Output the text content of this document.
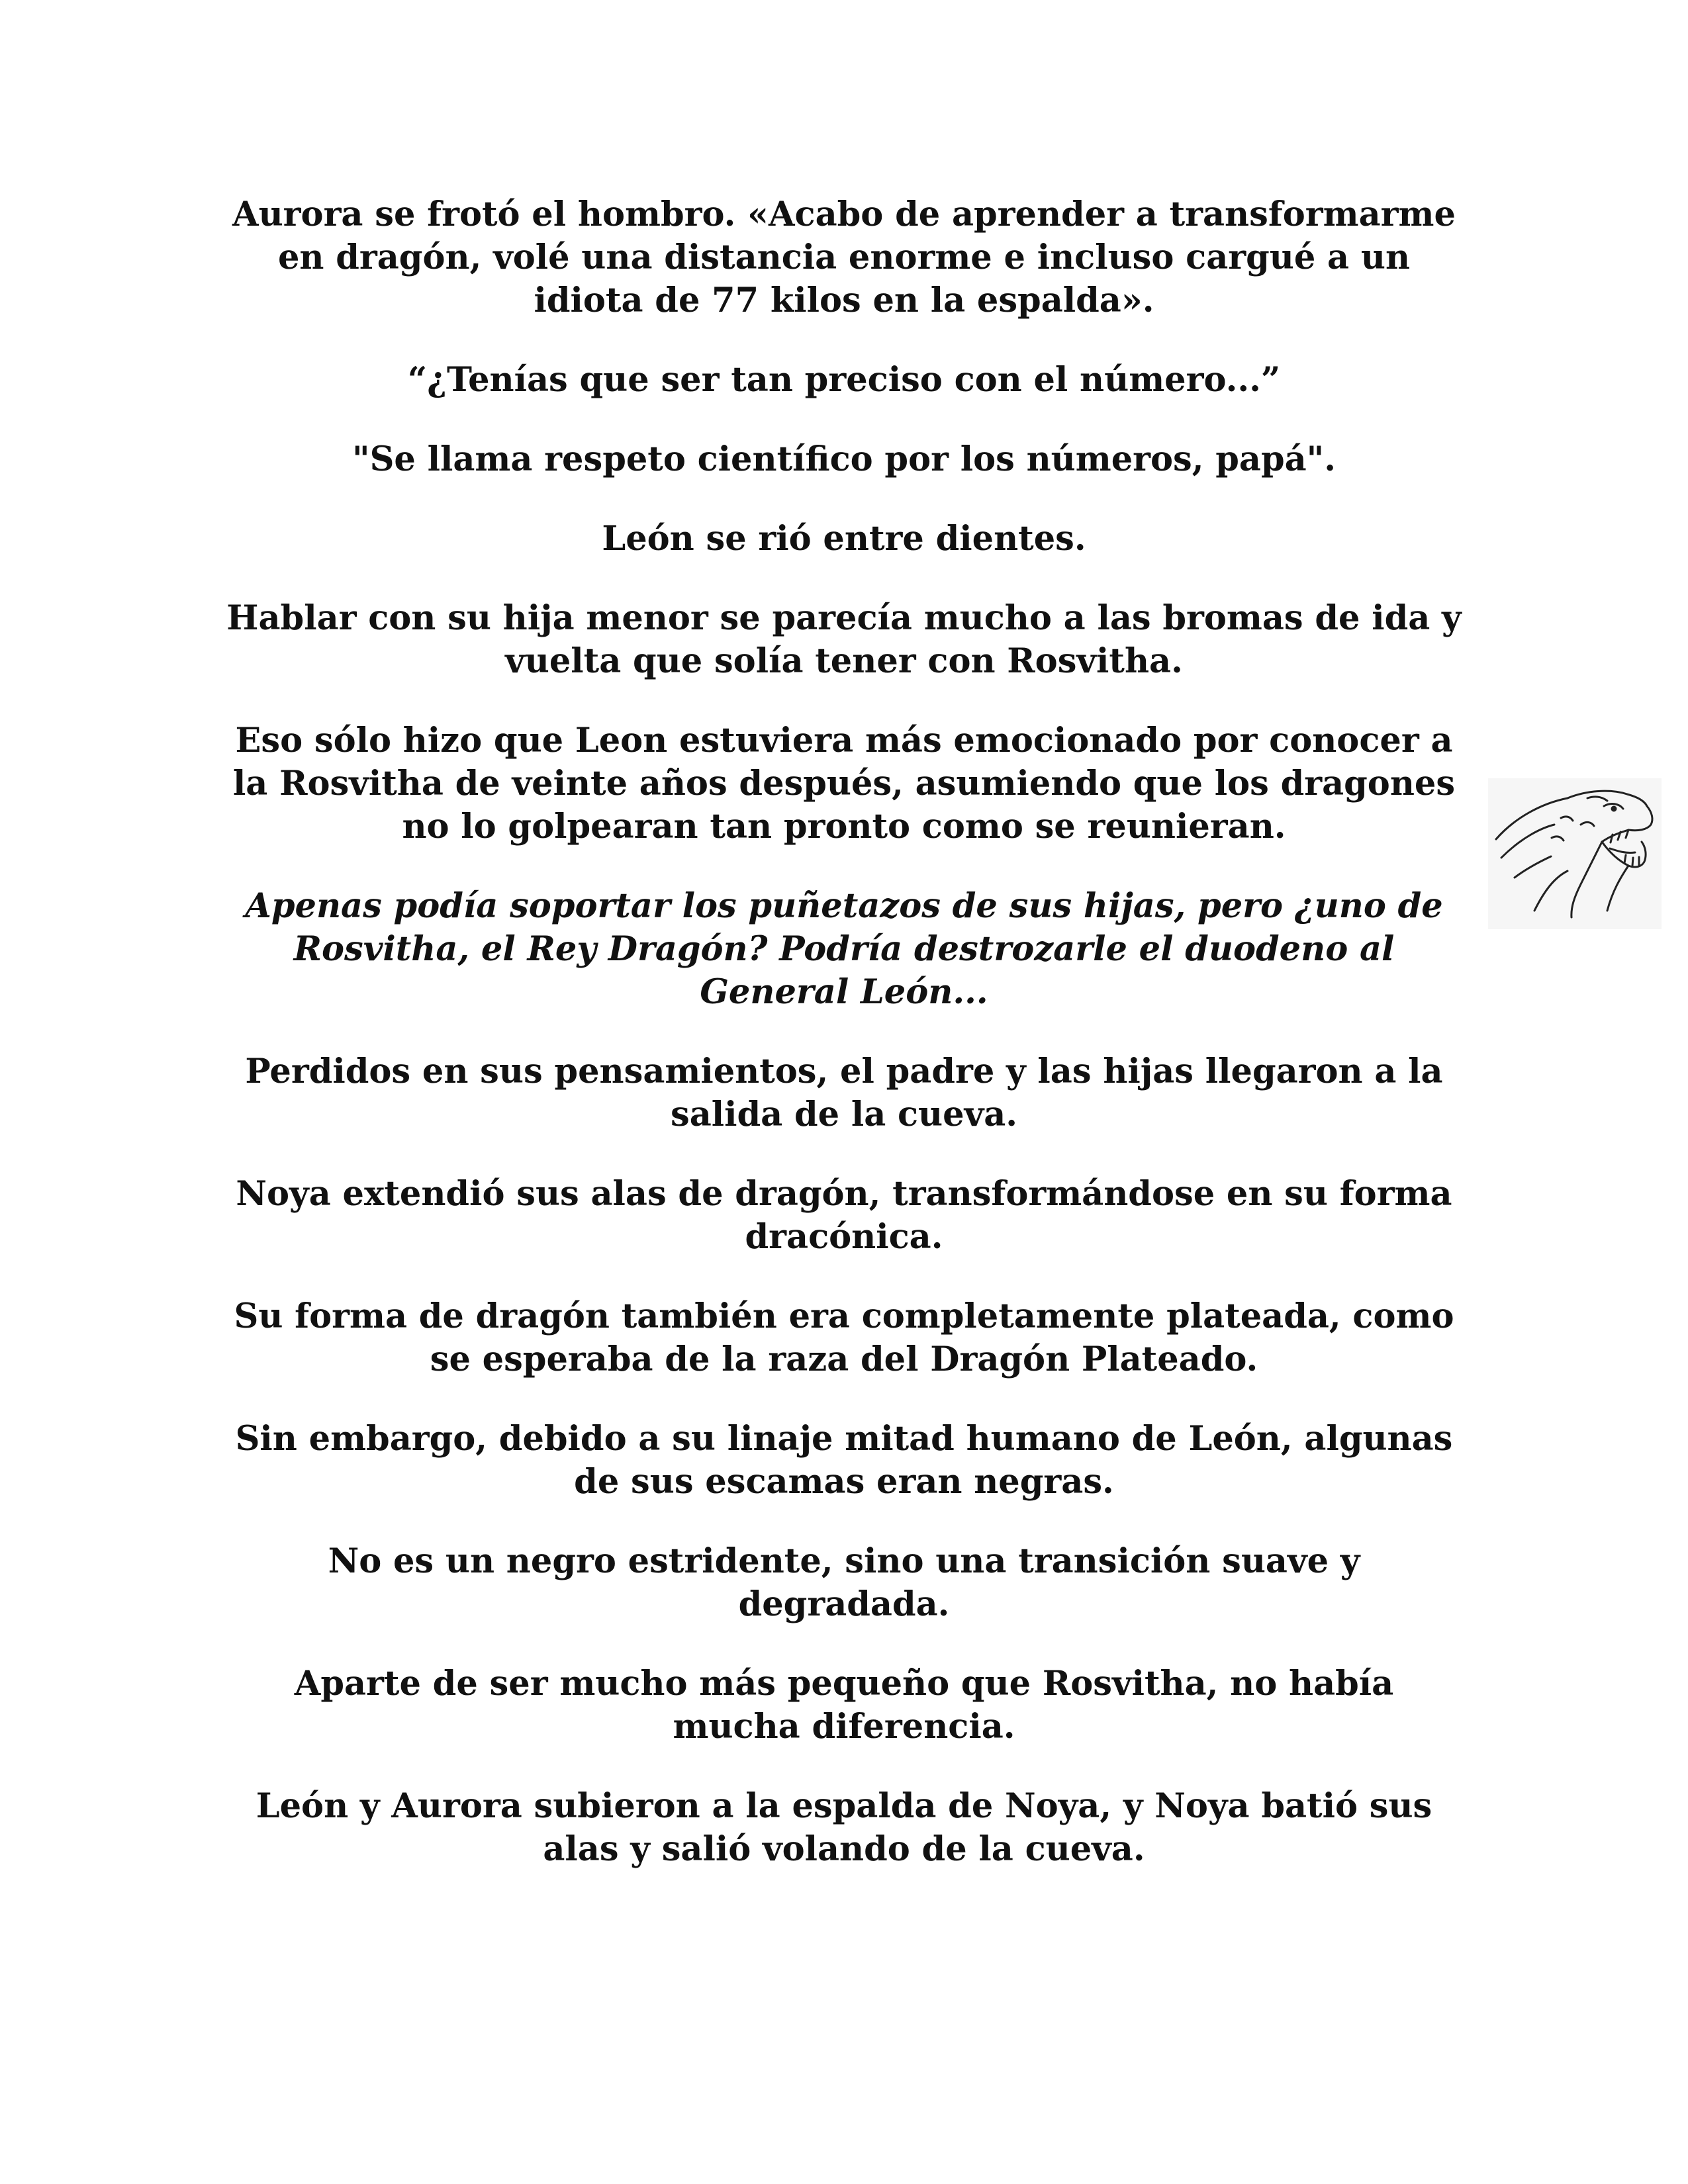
Aurora se frotó el hombro. «Acabo de aprender a transformarme en dragón, volé una distancia enorme e incluso cargué a un idiota de 77 kilos en la espalda».

“¿Tenías que ser tan preciso con el número...”

"Se llama respeto científico por los números, papá".

León se rió entre dientes.

Hablar con su hija menor se parecía mucho a las bromas de ida y vuelta que solía tener con Rosvitha.

Eso sólo hizo que Leon estuviera más emocionado por conocer a la Rosvitha de veinte años después, asumiendo que los dragones no lo golpearan tan pronto como se reunieran.

Apenas podía soportar los puñetazos de sus hijas, pero ¿uno de Rosvitha, el Rey Dragón? Podría destrozarle el duodeno al General León...

Perdidos en sus pensamientos, el padre y las hijas llegaron a la salida de la cueva.

Noya extendió sus alas de dragón, transformándose en su forma dracónica.

Su forma de dragón también era completamente plateada, como se esperaba de la raza del Dragón Plateado.

Sin embargo, debido a su linaje mitad humano de León, algunas de sus escamas eran negras.

No es un negro estridente, sino una transición suave y degradada.

Aparte de ser mucho más pequeño que Rosvitha, no había mucha diferencia.

León y Aurora subieron a la espalda de Noya, y Noya batió sus alas y salió volando de la cueva.
